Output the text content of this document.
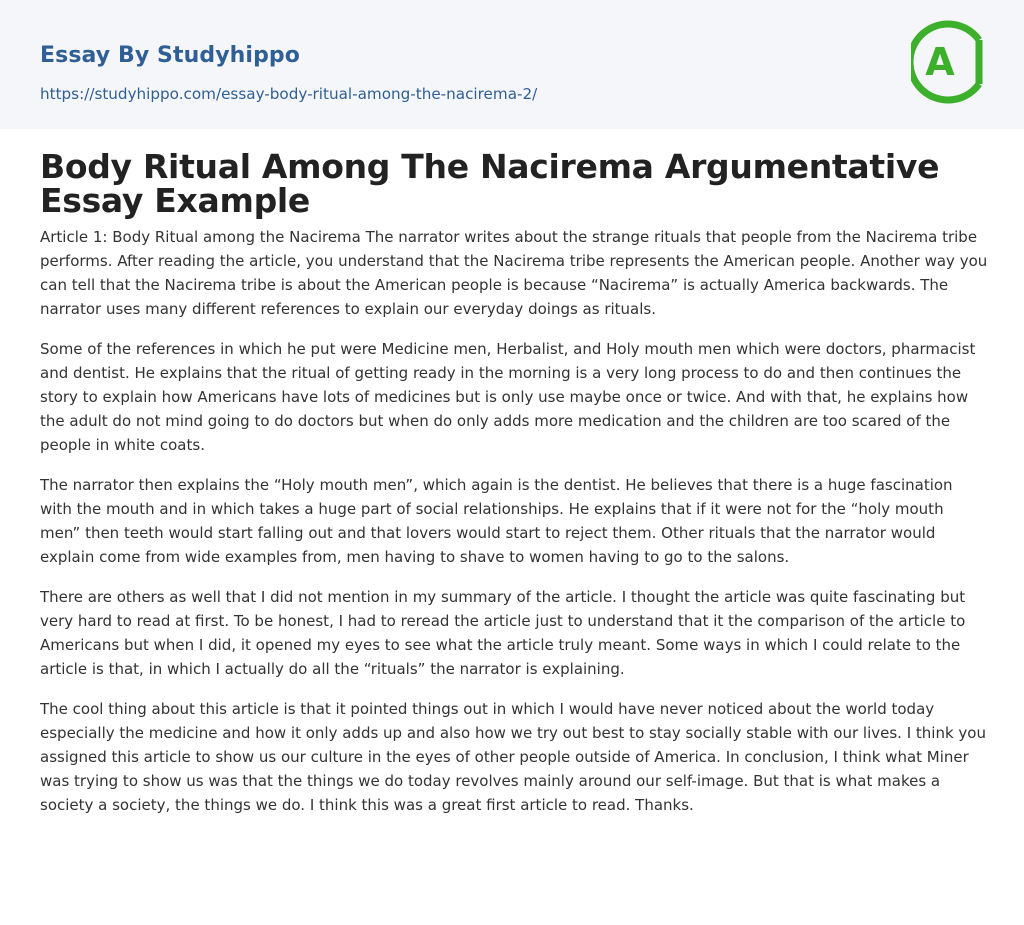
Essay By Studyhippo
https://studyhippo.com/essay-body-ritual-among-the-nacirema-2/
A
Body Ritual Among The Nacirema Argumentative Essay Example

Article 1: Body Ritual among the Nacirema The narrator writes about the strange rituals that people from the Nacirema tribe performs. After reading the article, you understand that the Nacirema tribe represents the American people. Another way you can tell that the Nacirema tribe is about the American people is because “Nacirema” is actually America backwards. The narrator uses many different references to explain our everyday doings as rituals.

Some of the references in which he put were Medicine men, Herbalist, and Holy mouth men which were doctors, pharmacist and dentist. He explains that the ritual of getting ready in the morning is a very long process to do and then continues the story to explain how Americans have lots of medicines but is only use maybe once or twice. And with that, he explains how the adult do not mind going to do doctors but when do only adds more medication and the children are too scared of the people in white coats.

The narrator then explains the “Holy mouth men”, which again is the dentist. He believes that there is a huge fascination with the mouth and in which takes a huge part of social relationships. He explains that if it were not for the “holy mouth men” then teeth would start falling out and that lovers would start to reject them. Other rituals that the narrator would explain come from wide examples from, men having to shave to women having to go to the salons.

There are others as well that I did not mention in my summary of the article. I thought the article was quite fascinating but very hard to read at first. To be honest, I had to reread the article just to understand that it the comparison of the article to Americans but when I did, it opened my eyes to see what the article truly meant. Some ways in which I could relate to the article is that, in which I actually do all the “rituals” the narrator is explaining.

The cool thing about this article is that it pointed things out in which I would have never noticed about the world today especially the medicine and how it only adds up and also how we try out best to stay socially stable with our lives. I think you assigned this article to show us our culture in the eyes of other people outside of America. In conclusion, I think what Miner was trying to show us was that the things we do today revolves mainly around our self-image. But that is what makes a society a society, the things we do. I think this was a great first article to read. Thanks.
